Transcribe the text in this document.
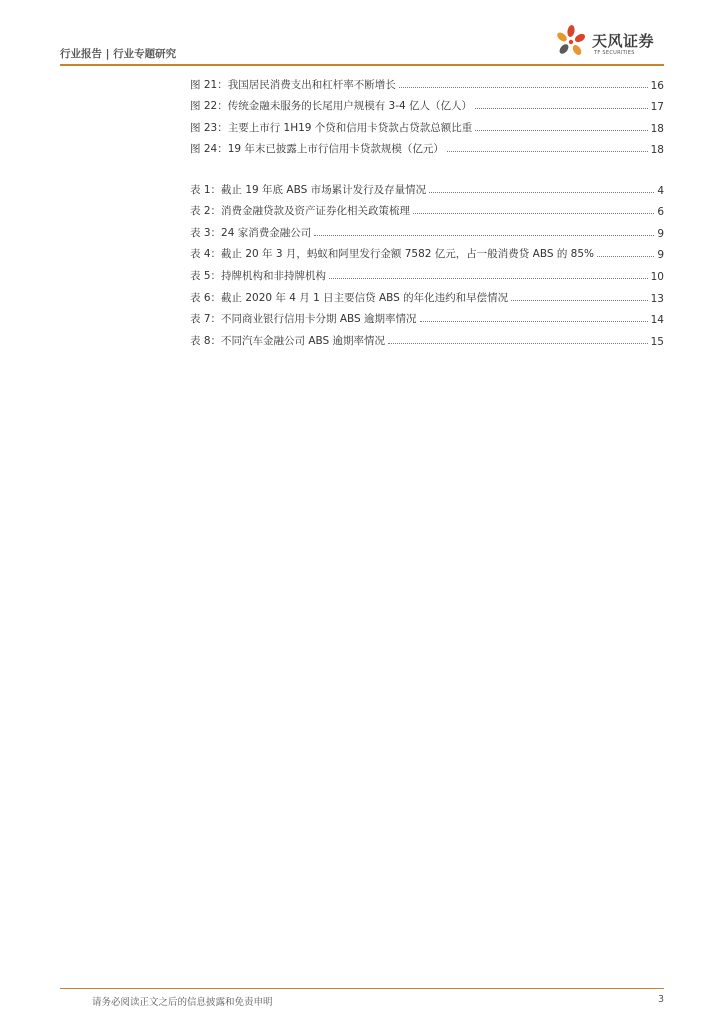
行业报告 | 行业专题研究
天风证券
TF SECURITIES
图 21：我国居民消费支出和杠杆率不断增长	16
图 22：传统金融未服务的长尾用户规模有 3-4 亿人（亿人）	17
图 23：主要上市行 1H19 个贷和信用卡贷款占贷款总额比重	18
图 24：19 年末已披露上市行信用卡贷款规模（亿元）	18
表 1：截止 19 年底 ABS 市场累计发行及存量情况	4
表 2：消费金融贷款及资产证券化相关政策梳理	6
表 3：24 家消费金融公司	9
表 4：截止 20 年 3 月，蚂蚁和阿里发行金额 7582 亿元，占一般消费贷 ABS 的 85%	9
表 5：持牌机构和非持牌机构	10
表 6：截止 2020 年 4 月 1 日主要信贷 ABS 的年化违约和早偿情况	13
表 7：不同商业银行信用卡分期 ABS 逾期率情况	14
表 8：不同汽车金融公司 ABS 逾期率情况	15
请务必阅读正文之后的信息披露和免责申明	3
